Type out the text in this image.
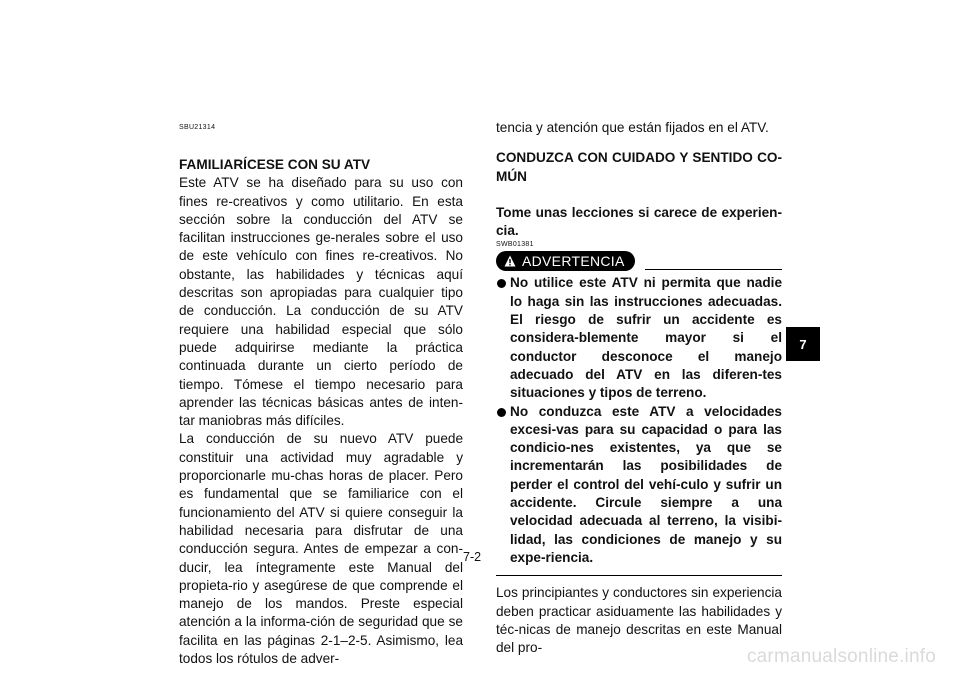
SBU21314

FAMILIARÍCESE CON SU ATV

Este ATV se ha diseñado para su uso con fines re-creativos y como utilitario. En esta sección sobre la conducción del ATV se facilitan instrucciones ge-nerales sobre el uso de este vehículo con fines re-creativos. No obstante, las habilidades y técnicas aquí descritas son apropiadas para cualquier tipo de conducción. La conducción de su ATV requiere una habilidad especial que sólo puede adquirirse mediante la práctica continuada durante un cierto período de tiempo. Tómese el tiempo necesario para aprender las técnicas básicas antes de inten-tar maniobras más difíciles.

La conducción de su nuevo ATV puede constituir una actividad muy agradable y proporcionarle mu-chas horas de placer. Pero es fundamental que se familiarice con el funcionamiento del ATV si quiere conseguir la habilidad necesaria para disfrutar de una conducción segura. Antes de empezar a con-ducir, lea íntegramente este Manual del propieta-rio y asegúrese de que comprende el manejo de los mandos. Preste especial atención a la informa-ción de seguridad que se facilita en las páginas 2-1–2-5. Asimismo, lea todos los rótulos de adver-

tencia y atención que están fijados en el ATV.

CONDUZCA CON CUIDADO Y SENTIDO CO-MÚN

Tome unas lecciones si carece de experien-cia.

SWB01381
ADVERTENCIA
No utilice este ATV ni permita que nadie lo haga sin las instrucciones adecuadas. El riesgo de sufrir un accidente es considera-blemente mayor si el conductor desconoce el manejo adecuado del ATV en las diferen-tes situaciones y tipos de terreno.
No conduzca este ATV a velocidades excesi-vas para su capacidad o para las condicio-nes existentes, ya que se incrementarán las posibilidades de perder el control del vehí-culo y sufrir un accidente. Circule siempre a una velocidad adecuada al terreno, la visibi-lidad, las condiciones de manejo y su expe-riencia.

Los principiantes y conductores sin experiencia deben practicar asiduamente las habilidades y téc-nicas de manejo descritas en este Manual del pro-

7-2
7
carmanualsonline.info
